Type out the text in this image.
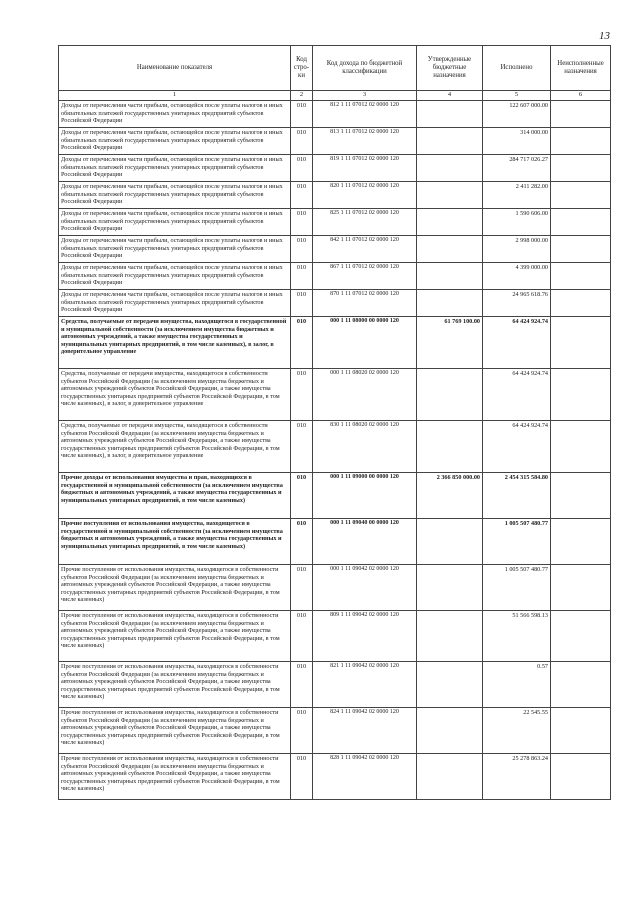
13
Наименование показателя	Код стро-ки	Код дохода по бюджетной классификации	Утвержденные бюджетные назначения	Исполнено	Неисполненные назначения
1	2	3	4	5	6
Доходы от перечисления части прибыли, остающейся после уплаты налогов и иных обязательных платежей государственных унитарных предприятий субъектов Российской Федерации	010	812 1 11 07012 02 0000 120		122 607 000.00	
Доходы от перечисления части прибыли, остающейся после уплаты налогов и иных обязательных платежей государственных унитарных предприятий субъектов Российской Федерации	010	813 1 11 07012 02 0000 120		314 000.00	
Доходы от перечисления части прибыли, остающейся после уплаты налогов и иных обязательных платежей государственных унитарных предприятий субъектов Российской Федерации	010	819 1 11 07012 02 0000 120		284 717 026.27	
Доходы от перечисления части прибыли, остающейся после уплаты налогов и иных обязательных платежей государственных унитарных предприятий субъектов Российской Федерации	010	820 1 11 07012 02 0000 120		2 411 282.00	
Доходы от перечисления части прибыли, остающейся после уплаты налогов и иных обязательных платежей государственных унитарных предприятий субъектов Российской Федерации	010	825 1 11 07012 02 0000 120		1 590 606.00	
Доходы от перечисления части прибыли, остающейся после уплаты налогов и иных обязательных платежей государственных унитарных предприятий субъектов Российской Федерации	010	842 1 11 07012 02 0000 120		2 998 000.00	
Доходы от перечисления части прибыли, остающейся после уплаты налогов и иных обязательных платежей государственных унитарных предприятий субъектов Российской Федерации	010	867 1 11 07012 02 0000 120		4 399 000.00	
Доходы от перечисления части прибыли, остающейся после уплаты налогов и иных обязательных платежей государственных унитарных предприятий субъектов Российской Федерации	010	870 1 11 07012 02 0000 120		24 965 618.76	
Средства, получаемые от передачи имущества, находящегося в государственной и муниципальной собственности (за исключением имущества бюджетных и автономных учреждений, а также имущества государственных и муниципальных унитарных предприятий, в том числе казенных), в залог, в доверительное управление	010	000 1 11 08000 00 0000 120	61 769 100.00	64 424 924.74	
Средства, получаемые от передачи имущества, находящегося в собственности субъектов Российской Федерации (за исключением имущества бюджетных и автономных учреждений субъектов Российской Федерации, а также имущества государственных унитарных предприятий субъектов Российской Федерации, в том числе казенных), в залог, в доверительное управление	010	000 1 11 08020 02 0000 120		64 424 924.74	
Средства, получаемые от передачи имущества, находящегося в собственности субъектов Российской Федерации (за исключением имущества бюджетных и автономных учреждений субъектов Российской Федерации, а также имущества государственных унитарных предприятий субъектов Российской Федерации, в том числе казенных), в залог, в доверительное управление	010	830 1 11 08020 02 0000 120		64 424 924.74	
Прочие доходы от использования имущества и прав, находящихся в государственной и муниципальной собственности (за исключением имущества бюджетных и автономных учреждений, а также имущества государственных и муниципальных унитарных предприятий, в том числе казенных)	010	000 1 11 09000 00 0000 120	2 366 850 000.00	2 454 315 584.80	
Прочие поступления от использования имущества, находящегося в государственной и муниципальной собственности (за исключением имущества бюджетных и автономных учреждений, а также имущества государственных и муниципальных унитарных предприятий, в том числе казенных)	010	000 1 11 09040 00 0000 120		1 005 507 480.77	
Прочие поступления от использования имущества, находящегося в собственности субъектов Российской Федерации (за исключением имущества бюджетных и автономных учреждений субъектов Российской Федерации, а также имущества государственных унитарных предприятий субъектов Российской Федерации, в том числе казенных)	010	000 1 11 09042 02 0000 120		1 005 507 480.77	
Прочие поступления от использования имущества, находящегося в собственности субъектов Российской Федерации (за исключением имущества бюджетных и автономных учреждений субъектов Российской Федерации, а также имущества государственных унитарных предприятий субъектов Российской Федерации, в том числе казенных)	010	809 1 11 09042 02 0000 120		51 566 598.13	
Прочие поступления от использования имущества, находящегося в собственности субъектов Российской Федерации (за исключением имущества бюджетных и автономных учреждений субъектов Российской Федерации, а также имущества государственных унитарных предприятий субъектов Российской Федерации, в том числе казенных)	010	821 1 11 09042 02 0000 120		0.57	
Прочие поступления от использования имущества, находящегося в собственности субъектов Российской Федерации (за исключением имущества бюджетных и автономных учреждений субъектов Российской Федерации, а также имущества государственных унитарных предприятий субъектов Российской Федерации, в том числе казенных)	010	824 1 11 09042 02 0000 120		22 545.55	
Прочие поступления от использования имущества, находящегося в собственности субъектов Российской Федерации (за исключением имущества бюджетных и автономных учреждений субъектов Российской Федерации, а также имущества государственных унитарных предприятий субъектов Российской Федерации, в том числе казенных)	010	828 1 11 09042 02 0000 120		25 278 863.24	
